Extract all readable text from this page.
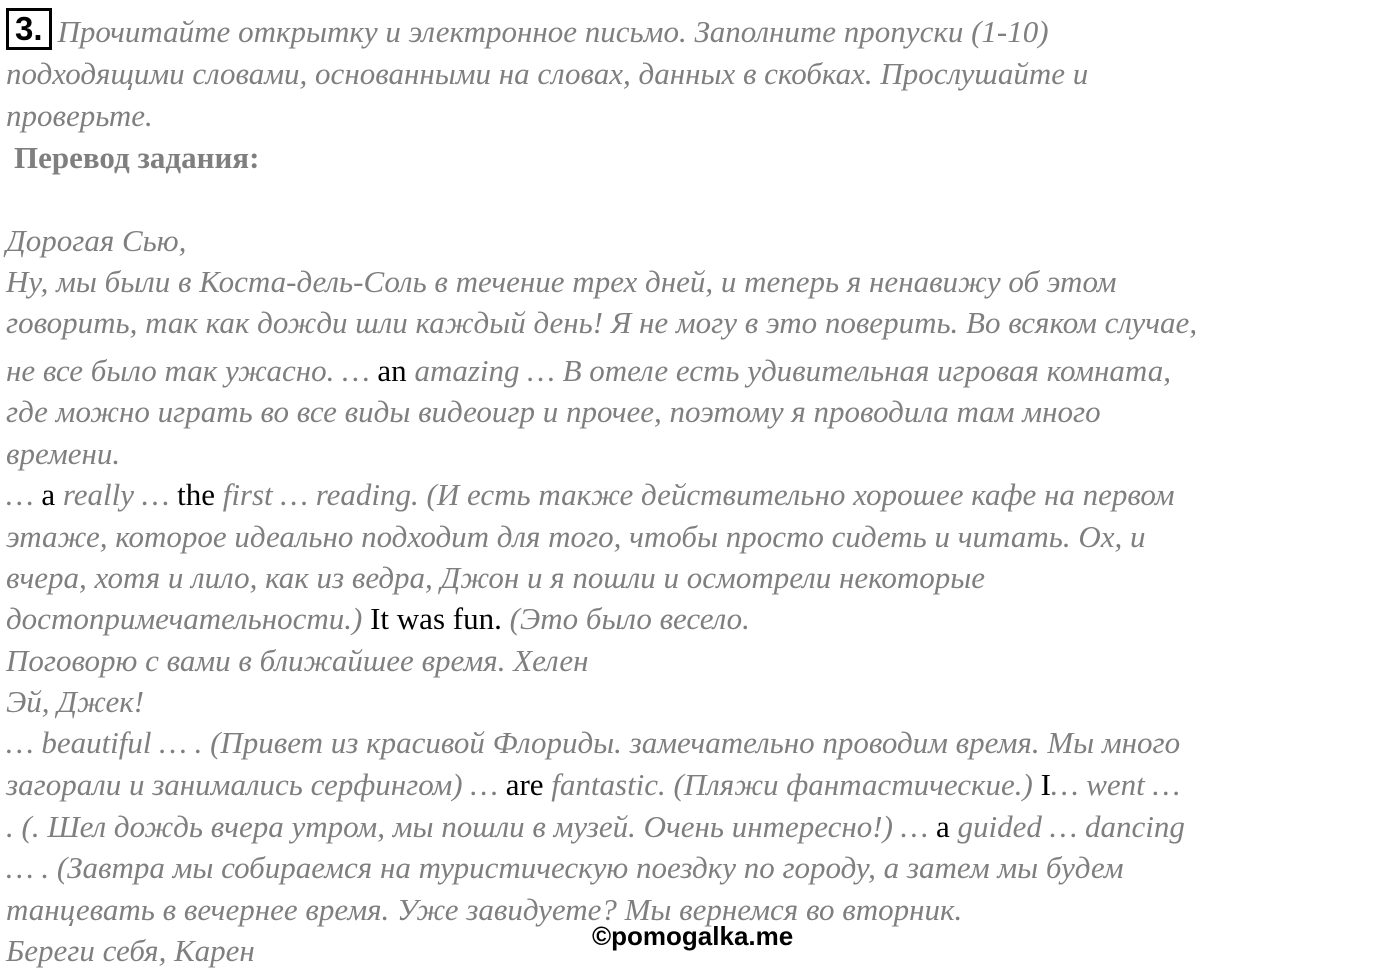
3. Прочитайте открытку и электронное письмо. Заполните пропуски (1-10)
подходящими словами, основанными на словах, данных в скобках. Прослушайте и
проверьте.
Перевод задания:
Дорогая Сью,
Ну, мы были в Коста-дель-Соль в течение трех дней, и теперь я ненавижу об этом
говорить, так как дожди шли каждый день! Я не могу в это поверить. Во всяком случае,
не все было так ужасно. … an amazing … В отеле есть удивительная игровая комната,
где можно играть во все виды видеоигр и прочее, поэтому я проводила там много
времени.
… a really … the first … reading. (И есть также действительно хорошее кафе на первом
этаже, которое идеально подходит для того, чтобы просто сидеть и читать. Ох, и
вчера, хотя и лило, как из ведра, Джон и я пошли и осмотрели некоторые
достопримечательности.) It was fun. (Это было весело.
Поговорю с вами в ближайшее время. Хелен
Эй, Джек!
… beautiful … . (Привет из красивой Флориды. замечательно проводим время. Мы много
загорали и занимались серфингом) … are fantastic. (Пляжи фантастические.) I… went …
. (. Шел дождь вчера утром, мы пошли в музей. Очень интересно!) … a guided … dancing
… . (Завтра мы собираемся на туристическую поездку по городу, а затем мы будем
танцевать в вечернее время. Уже завидуете? Мы вернемся во вторник.
Береги себя, Карен	©pomogalka.me
